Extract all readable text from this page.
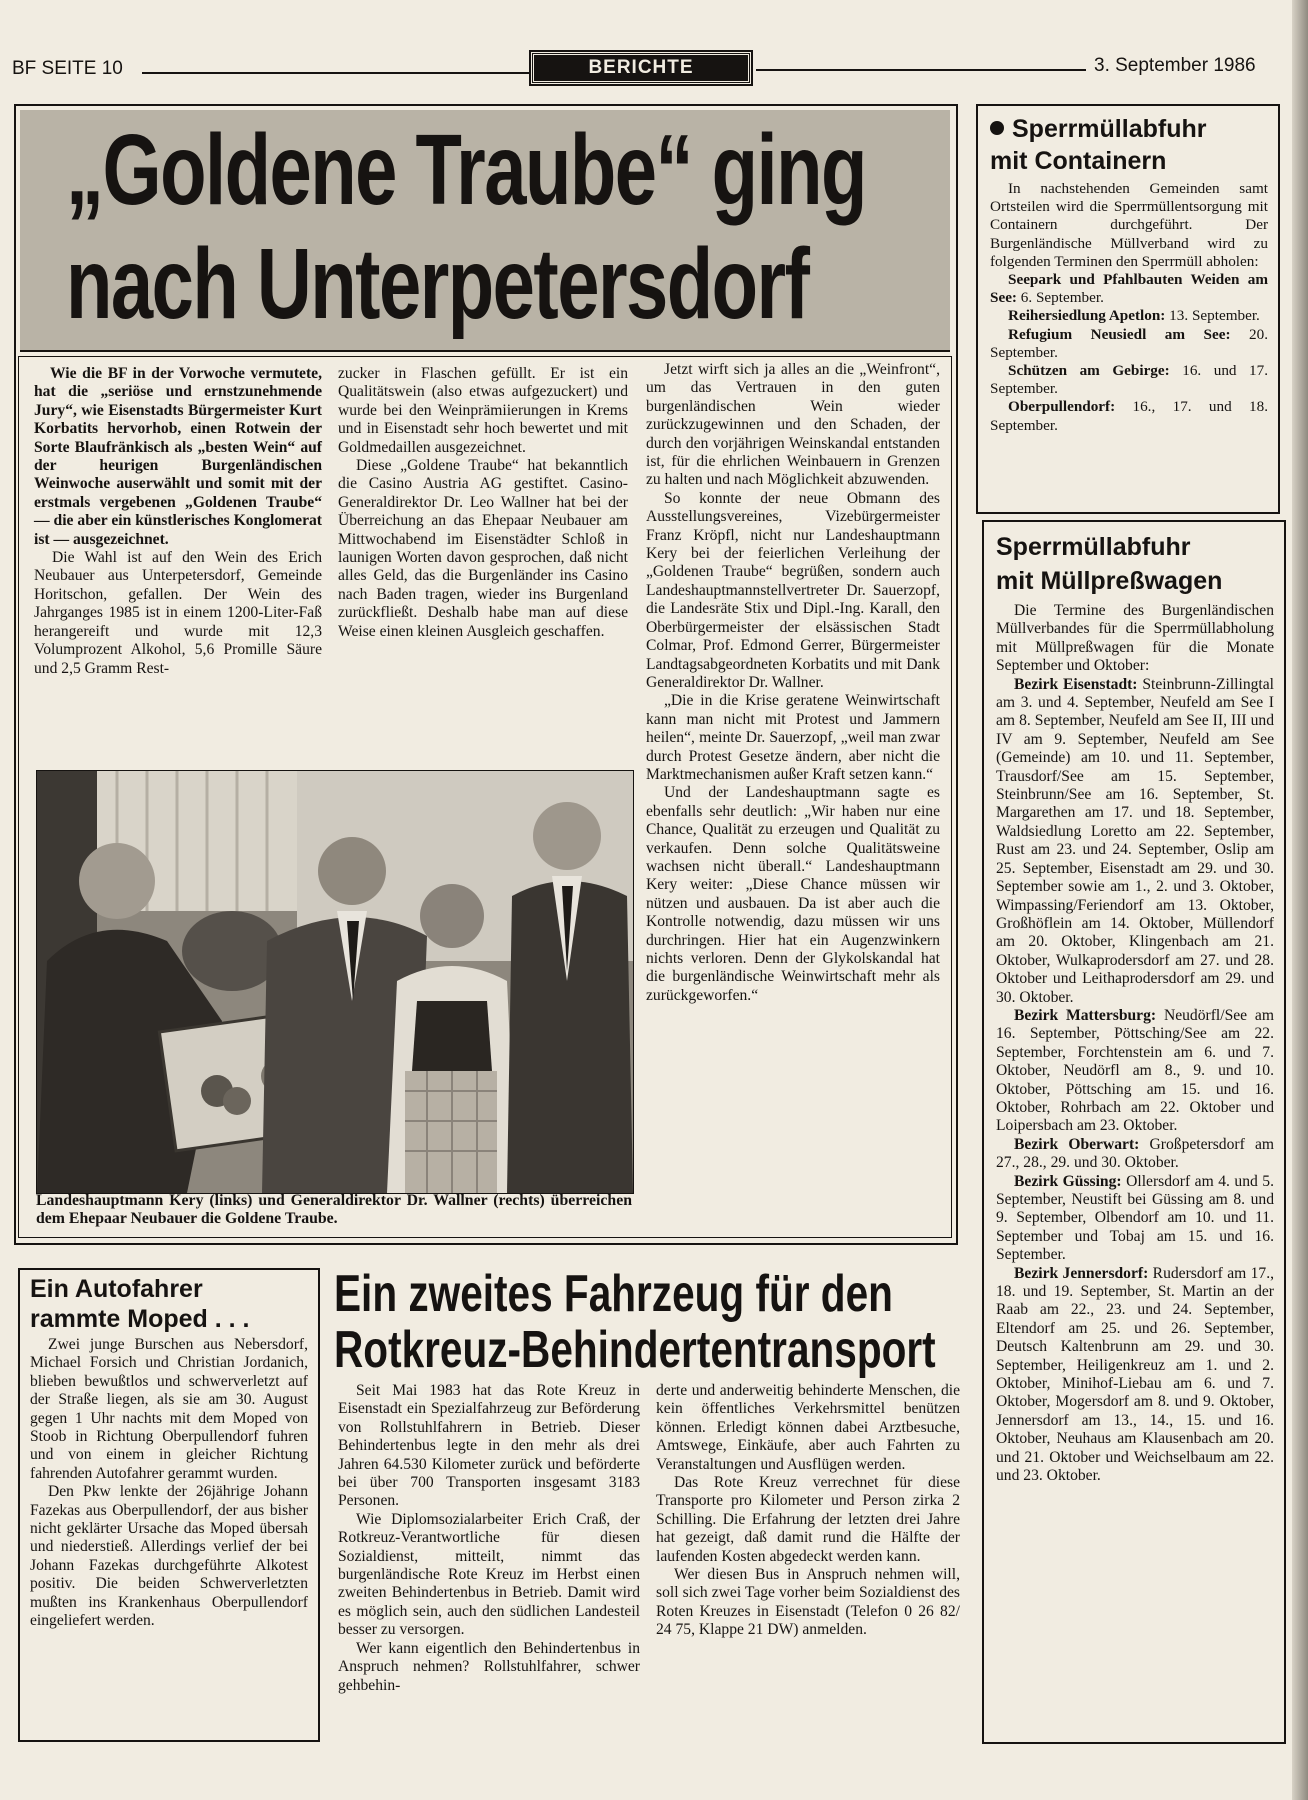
BF SEITE 10	BERICHTE	3. September 1986
„Goldene Traube“ ging
nach Unterpetersdorf

Wie die BF in der Vorwoche vermutete, hat die „seriöse und ernstzunehmende Jury“, wie Eisenstadts Bürgermeister Kurt Korbatits hervorhob, einen Rotwein der Sorte Blaufränkisch als „besten Wein“ auf der heurigen Burgenländischen Weinwoche auserwählt und somit mit der erstmals vergebenen „Goldenen Traube“ — die aber ein künstlerisches Konglomerat ist — ausgezeichnet.

Die Wahl ist auf den Wein des Erich Neubauer aus Unterpetersdorf, Gemeinde Horitschon, gefallen. Der Wein des Jahrganges 1985 ist in einem 1200-Liter-Faß herangereift und wurde mit 12,3 Volumprozent Alkohol, 5,6 Promille Säure und 2,5 Gramm Rest-

zucker in Flaschen gefüllt. Er ist ein Qualitätswein (also etwas aufgezuckert) und wurde bei den Weinprämiierungen in Krems und in Eisenstadt sehr hoch bewertet und mit Goldmedaillen ausgezeichnet.

Diese „Goldene Traube“ hat bekanntlich die Casino Austria AG gestiftet. Casino-Generaldirektor Dr. Leo Wallner hat bei der Überreichung an das Ehepaar Neubauer am Mittwochabend im Eisenstädter Schloß in launigen Worten davon gesprochen, daß nicht alles Geld, das die Burgenländer ins Casino nach Baden tragen, wieder ins Burgenland zurückfließt. Deshalb habe man auf diese Weise einen kleinen Ausgleich geschaffen.

Jetzt wirft sich ja alles an die „Weinfront“, um das Vertrauen in den guten burgenländischen Wein wieder zurückzugewinnen und den Schaden, der durch den vorjährigen Weinskandal entstanden ist, für die ehrlichen Weinbauern in Grenzen zu halten und nach Möglichkeit abzuwenden.

So konnte der neue Obmann des Ausstellungsvereines, Vizebürgermeister Franz Kröpfl, nicht nur Landeshauptmann Kery bei der feierlichen Verleihung der „Goldenen Traube“ begrüßen, sondern auch Landeshauptmannstellvertreter Dr. Sauerzopf, die Landesräte Stix und Dipl.-Ing. Karall, den Oberbürgermeister der elsässischen Stadt Colmar, Prof. Edmond Gerrer, Bürgermeister Landtagsabgeordneten Korbatits und mit Dank Generaldirektor Dr. Wallner.

„Die in die Krise geratene Weinwirtschaft kann man nicht mit Protest und Jammern heilen“, meinte Dr. Sauerzopf, „weil man zwar durch Protest Gesetze ändern, aber nicht die Marktmechanismen außer Kraft setzen kann.“

Und der Landeshauptmann sagte es ebenfalls sehr deutlich: „Wir haben nur eine Chance, Qualität zu erzeugen und Qualität zu verkaufen. Denn solche Qualitätsweine wachsen nicht überall.“ Landeshauptmann Kery weiter: „Diese Chance müssen wir nützen und ausbauen. Da ist aber auch die Kontrolle notwendig, dazu müssen wir uns durchringen. Hier hat ein Augenzwinkern nichts verloren. Denn der Glykolskandal hat die burgenländische Weinwirtschaft mehr als zurückgeworfen.“

Landeshauptmann Kery (links) und Generaldirektor Dr. Wallner (rechts) überreichen dem Ehepaar Neubauer die Goldene Traube.
Sperrmüllabfuhr
mit Containern

In nachstehenden Gemeinden samt Ortsteilen wird die Sperrmüllentsorgung mit Containern durchgeführt. Der Burgenländische Müllverband wird zu folgenden Terminen den Sperrmüll abholen:

Seepark und Pfahlbauten Weiden am See: 6. September.

Reihersiedlung Apetlon: 13. September.

Refugium Neusiedl am See: 20. September.

Schützen am Gebirge: 16. und 17. September.

Oberpullendorf: 16., 17. und 18. September.

Sperrmüllabfuhr
mit Müllpreßwagen

Die Termine des Burgenländischen Müllverbandes für die Sperrmüllabholung mit Müllpreßwagen für die Monate September und Oktober:

Bezirk Eisenstadt: Steinbrunn-Zillingtal am 3. und 4. September, Neufeld am See I am 8. September, Neufeld am See II, III und IV am 9. September, Neufeld am See (Gemeinde) am 10. und 11. September, Trausdorf/See am 15. September, Steinbrunn/See am 16. September, St. Margarethen am 17. und 18. September, Waldsiedlung Loretto am 22. September, Rust am 23. und 24. September, Oslip am 25. September, Eisenstadt am 29. und 30. September sowie am 1., 2. und 3. Oktober, Wimpassing/Feriendorf am 13. Oktober, Großhöflein am 14. Oktober, Müllendorf am 20. Oktober, Klingenbach am 21. Oktober, Wulkaprodersdorf am 27. und 28. Oktober und Leithaprodersdorf am 29. und 30. Oktober.

Bezirk Mattersburg: Neudörfl/See am 16. September, Pöttsching/See am 22. September, Forchtenstein am 6. und 7. Oktober, Neudörfl am 8., 9. und 10. Oktober, Pöttsching am 15. und 16. Oktober, Rohrbach am 22. Oktober und Loipersbach am 23. Oktober.

Bezirk Oberwart: Großpetersdorf am 27., 28., 29. und 30. Oktober.

Bezirk Güssing: Ollersdorf am 4. und 5. September, Neustift bei Güssing am 8. und 9. September, Olbendorf am 10. und 11. September und Tobaj am 15. und 16. September.

Bezirk Jennersdorf: Rudersdorf am 17., 18. und 19. September, St. Martin an der Raab am 22., 23. und 24. September, Eltendorf am 25. und 26. September, Deutsch Kaltenbrunn am 29. und 30. September, Heiligenkreuz am 1. und 2. Oktober, Minihof-Liebau am 6. und 7. Oktober, Mogersdorf am 8. und 9. Oktober, Jennersdorf am 13., 14., 15. und 16. Oktober, Neuhaus am Klausenbach am 20. und 21. Oktober und Weichselbaum am 22. und 23. Oktober.

Ein Autofahrer
rammte Moped . . .

Zwei junge Burschen aus Nebersdorf, Michael Forsich und Christian Jordanich, blieben bewußtlos und schwerverletzt auf der Straße liegen, als sie am 30. August gegen 1 Uhr nachts mit dem Moped von Stoob in Richtung Oberpullendorf fuhren und von einem in gleicher Richtung fahrenden Autofahrer gerammt wurden.

Den Pkw lenkte der 26jährige Johann Fazekas aus Oberpullendorf, der aus bisher nicht geklärter Ursache das Moped übersah und niederstieß. Allerdings verlief der bei Johann Fazekas durchgeführte Alkotest positiv. Die beiden Schwerverletzten mußten ins Krankenhaus Oberpullendorf eingeliefert werden.

Ein zweites Fahrzeug für den
Rotkreuz-Behindertentransport

Seit Mai 1983 hat das Rote Kreuz in Eisenstadt ein Spezialfahrzeug zur Beförderung von Rollstuhlfahrern in Betrieb. Dieser Behindertenbus legte in den mehr als drei Jahren 64.530 Kilometer zurück und beförderte bei über 700 Transporten insgesamt 3183 Personen.

Wie Diplomsozialarbeiter Erich Craß, der Rotkreuz-Verantwortliche für diesen Sozialdienst, mitteilt, nimmt das burgenländische Rote Kreuz im Herbst einen zweiten Behindertenbus in Betrieb. Damit wird es möglich sein, auch den südlichen Landesteil besser zu versorgen.

Wer kann eigentlich den Behindertenbus in Anspruch nehmen? Rollstuhlfahrer, schwer gehbehin-

derte und anderweitig behinderte Menschen, die kein öffentliches Verkehrsmittel benützen können. Erledigt können dabei Arztbesuche, Amtswege, Einkäufe, aber auch Fahrten zu Veranstaltungen und Ausflügen werden.

Das Rote Kreuz verrechnet für diese Transporte pro Kilometer und Person zirka 2 Schilling. Die Erfahrung der letzten drei Jahre hat gezeigt, daß damit rund die Hälfte der laufenden Kosten abgedeckt werden kann.

Wer diesen Bus in Anspruch nehmen will, soll sich zwei Tage vorher beim Sozialdienst des Roten Kreuzes in Eisenstadt (Telefon 0 26 82/ 24 75, Klappe 21 DW) anmelden.
